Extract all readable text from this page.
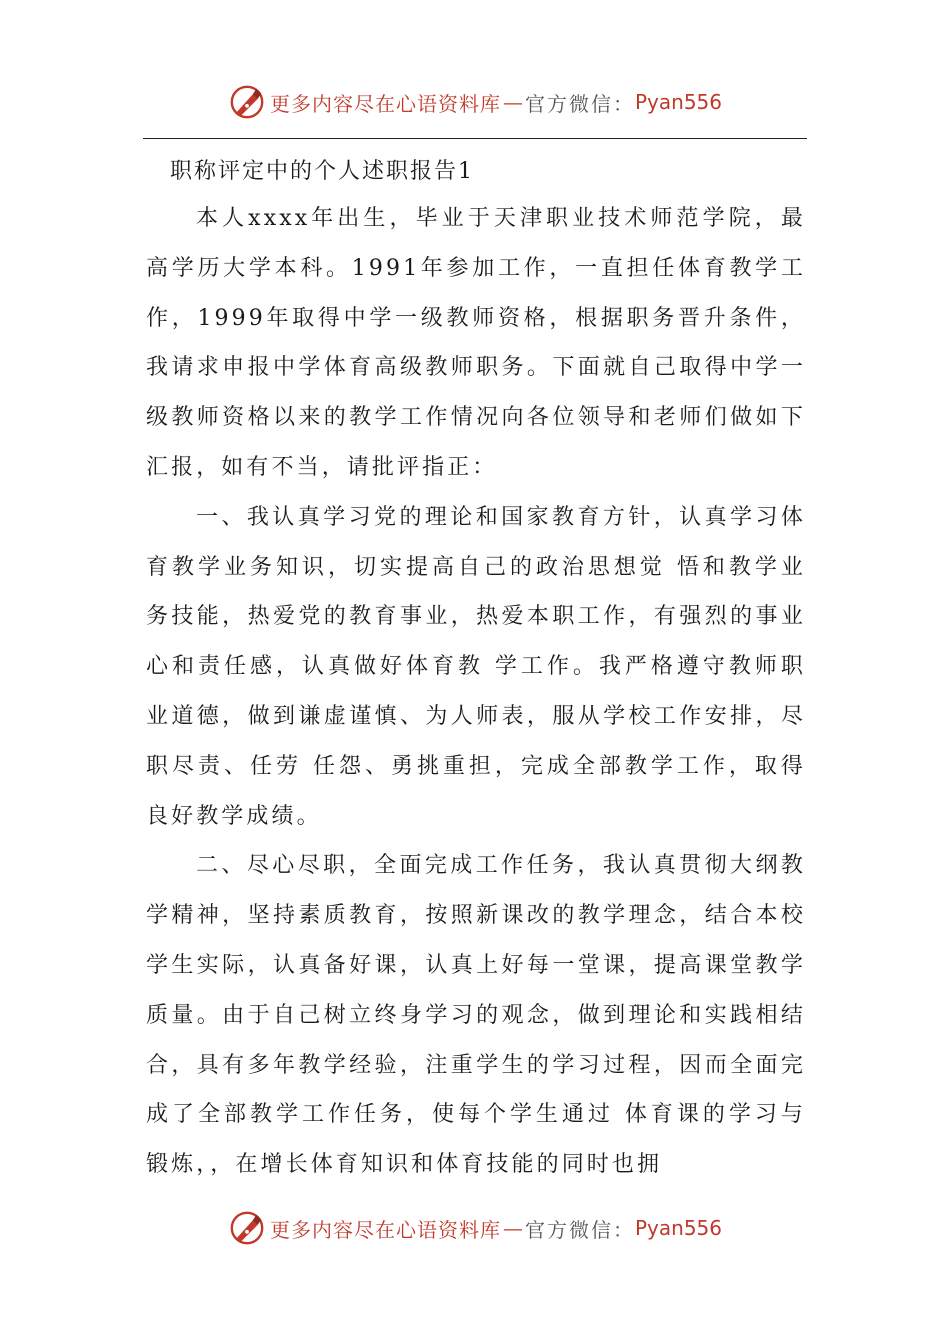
更多内容尽在心语资料库 — 官方微信： Pyan556
职称评定中的个人述职报告1

本人xxxx年出生，毕业于天津职业技术师范学院，最高学历大学本科。1991年参加工作，一直担任体育教学工作，1999年取得中学一级教师资格，根据职务晋升条件，我请求申报中学体育高级教师职务。下面就自己取得中学一级教师资格以来的教学工作情况向各位领导和老师们做如下汇报，如有不当，请批评指正：

一、我认真学习党的理论和国家教育方针，认真学习体育教学业务知识，切实提高自己的政治思想觉 悟和教学业务技能，热爱党的教育事业，热爱本职工作，有强烈的事业心和责任感，认真做好体育教 学工作。我严格遵守教师职业道德，做到谦虚谨慎、为人师表，服从学校工作安排，尽职尽责、任劳 任怨、勇挑重担，完成全部教学工作，取得良好教学成绩。

二、尽心尽职，全面完成工作任务，我认真贯彻大纲教学精神，坚持素质教育，按照新课改的教学理念，结合本校学生实际，认真备好课，认真上好每一堂课，提高课堂教学质量。由于自己树立终身学习的观念，做到理论和实践相结 合，具有多年教学经验，注重学生的学习过程，因而全面完成了全部教学工作任务，使每个学生通过 体育课的学习与锻炼，，在增长体育知识和体育技能的同时也拥

更多内容尽在心语资料库 — 官方微信： Pyan556
